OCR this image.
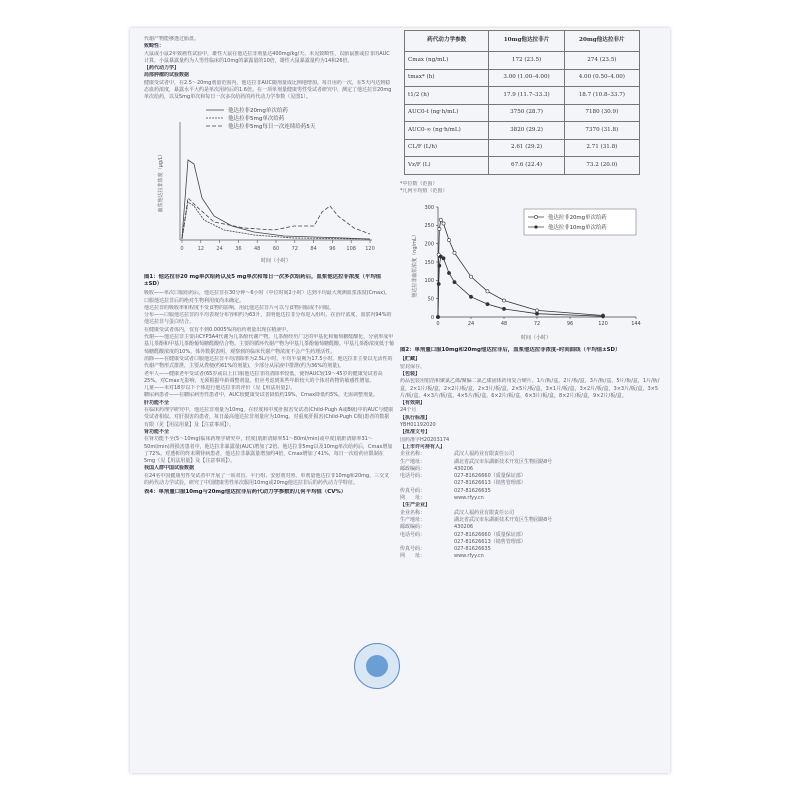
代谢产物能够透过胎盘。

致畸性：

大鼠或小鼠2年致癌性试验中，雄性大鼠在他达拉非剂量达400mg/kg/天、未见致畸性，以胎鼠推或拉非的AUC计算，小鼠暴露量约为人男性临床的10mg的暴露量的10倍，雄性大鼠暴露量约为14和26倍。

【药代动力学】

局部肿瘤的试验数据

健康受试者中，在2.5～20mg剂量范围内，他达拉非AUC随剂量成比例地增加。每日用药一次，在5天内达到稳态血药浓度，暴露水平大约是单次用药后的1.6倍。在一项单剂量健康男性受试者研究中，测定了他达拉非20mg单次给药，以及5mg单次和每日一次多次给药的药代动力学参数（见图1）。

他达拉非20mg单次给药
他达拉非5mg单次给药
他达拉非5mg每日一次连续给药5天
血浆他达拉非浓度（μg/L）
时间（小时）
0	12 24 36 48 60 72 84 96 108 120

图1：他达拉非20 mg单次给药以及5 mg单次和每日一次多次给药后，血浆他达拉非浓度（平均值±SD）

吸收——单次口服给药后，他达拉非在30分钟～6小时（中位时间2小时）达到平均最大观测血浆浓度(Cmax)。口服他达拉非后的绝对生物利用度尚未确定。

他达拉非的吸收率和程度不受食物的影响，用此他达拉非片可以与食物同服或不同服。

分布——口服他达拉非的平均表观分布容积约为63升，表明他达拉非分布进入组织。在治疗浓度，血浆内94%的他达拉非与蛋白结合。

在健康受试者体内，仅有不到0.0005%的给药剂量出现在精液中。

代谢——他达拉非主要由CYP3A4代谢为儿茶酚代谢产物。儿茶酚经历广泛的甲基化和葡萄糖醛酸化，分别形成甲基儿茶酚和甲基儿茶酚葡萄糖醛酸结合物。主要的循环代谢产物为甲基儿茶酚葡萄糖醛酸。甲基儿茶酚浓度低于葡萄糖醛酸浓度的10%。体外数据表明，观察到的临床代谢产物浓度不会产生药理活性。

消除——在健康受试者口服他达拉非平均清除率为2.5L/小时，平均半衰期为17.5小时。他达拉非主要以无活性的代谢产物形式排泄，主要从粪便(约61%的剂量)，少部分从尿液中排泄(约为36%的剂量)。

老年人——健康老年受试者(65岁或以上)口服他达拉非的清除率较低，使得AUC较19～45岁的健康受试者高25%。对Cmax无影响，无须根据年龄调整剂量。但应考虑到某些年龄较大的个体对药物的敏感性增加。

儿童——未对18岁以下个体进行他达拉非的评价（见【用法用量】）。

糖尿病患者——在糖尿病男性患者中，AUC较健康受试者降低约19%，Cmax降低约5%。无需调整剂量。

肝功能不全

在临床药理学研究中，他达拉非剂量为10mg，在轻度和中度肝损害受试者(Child-Pugh A或B级)中的AUC与健康受试者相似。对肝损害的患者，每日最高他达拉非剂量应为10mg。对重度肝损害(Child-Pugh C级)患者的数据有限（见【用法用量】及【注意事项】）。

肾功能不全

在肾功能不全(5～10mg)临床药理学研究中，轻度(肌酐清除率51～80ml/min)或中度(肌酐清除率31～50ml/min)肾损害患者中，他达拉非暴露量(AUC)增加了2倍。他达拉非5mg以及10mg单次给药后，Cmax增加了72%。对透析的终末期肾病患者，他达拉非暴露量增加约4倍，Cmax增加了41%，每日一次给药应限制在5mg（见【用法用量】及【注意事项】）。

我国人群中国试验数据

在24名中国健康男性受试者中开展了一项双盲、平行组、安慰剂对照、单剂量他达拉非10mg和20mg、三交叉的药代动力学试验，研究了中国健康男性单次服用10mg或20mg他达拉非后的药代动力学特征。

表4：单剂量口服10mg与20mg他达拉非后药代动力学参数的几何平均值（CV%）

药代动力学参数	10mg他达拉非片	20mg他达拉非片
Cmax (ng/mL)	172 (23.5)	274 (23.5)
tmax* (h)	3.00 (1.00–4.00)	4.00 (0.50–4.00)
t1/2 (h)	17.9 (11.7–33.3)	18.7 (10.8–33.7)
AUC0-t (ng·h/mL)	3750 (28.7)	7180 (30.9)
AUC0-∞ (ng·h/mL)	3820 (29.2)	7370 (31.8)
CL/F (L/h)	2.61 (29.2)	2.71 (31.8)
Vz/F (L)	67.6 (22.4)	73.2 (20.0)

*中位数（范围）

*几何平均值（范围）

他达拉非血浆浓度（ng/mL）
时间（小时）
0
50
100
150
200
250
300
0	24	48	72	96	120	144
他达拉非20mg单次给药
他达拉非10mg单次给药

图2：单剂量口服10mg和20mg他达拉非后，血浆他达拉非浓度–时间曲线（平均值±SD）

【贮藏】

密封保存。

【包装】

药品包装用铝箔和聚氯乙烯/聚偏二氯乙烯固体药用复合硬片。1片/板/盒，2片/板/盒，3片/板/盒，5片/板/盒，1片/板/盒，2×1片/板/盒，2×2片/板/盒，2×3片/板/盒，2×5片/板/盒，3×1片/板/盒，3×2片/板/盒，3×3片/板/盒，3×5片/板/盒，4×3片/板/盒，4×5片/板/盒，6×2片/板/盒，6×3片/板/盒，8×2片/板/盒，9×2片/板/盒。

【有效期】

24个月

【执行标准】

YBH01192020

【批准文号】

国药准字H20203174

【上市许可持有人】

企业名称：	武汉人福药业有限责任公司
生产地址：	湖北省武汉市东湖新技术开发区生物园路8号
邮政编码：	430206
电话号码：	027-81626660（质量保证部）
027-81626613（销售管理部）
传真号码：	027-81626635
网　　址：	www.rfyy.cn

【生产企业】

企业名称：	武汉人福药业有限责任公司
生产地址：	湖北省武汉市东湖新技术开发区生物园路8号
邮政编码：	430206
电话号码：	027-81626660（质量保证部）
027-81626613（销售管理部）
传真号码：	027-81626635
网　　址：	www.rfyy.cn
